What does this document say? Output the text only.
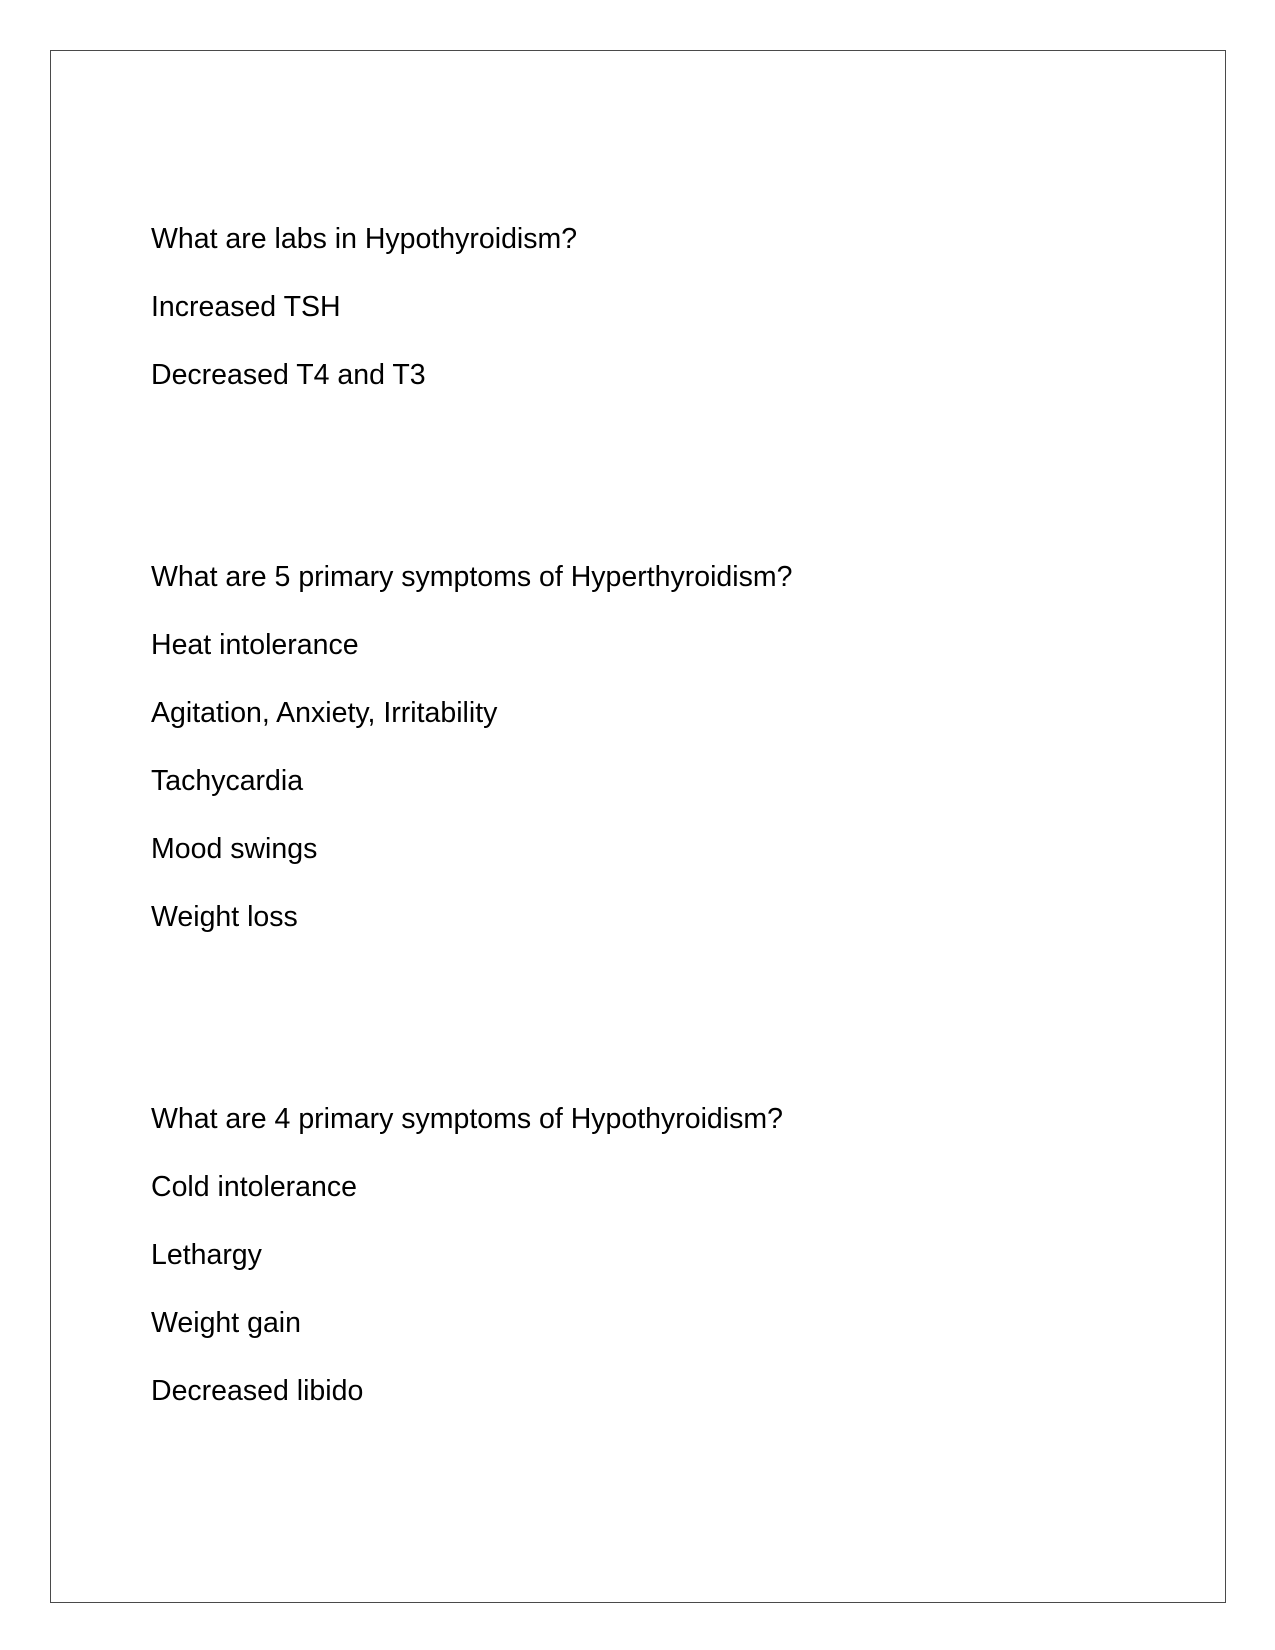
What are labs in Hypothyroidism?

Increased TSH

Decreased T4 and T3

What are 5 primary symptoms of Hyperthyroidism?

Heat intolerance

Agitation, Anxiety, Irritability

Tachycardia

Mood swings

Weight loss

What are 4 primary symptoms of Hypothyroidism?

Cold intolerance

Lethargy

Weight gain

Decreased libido
